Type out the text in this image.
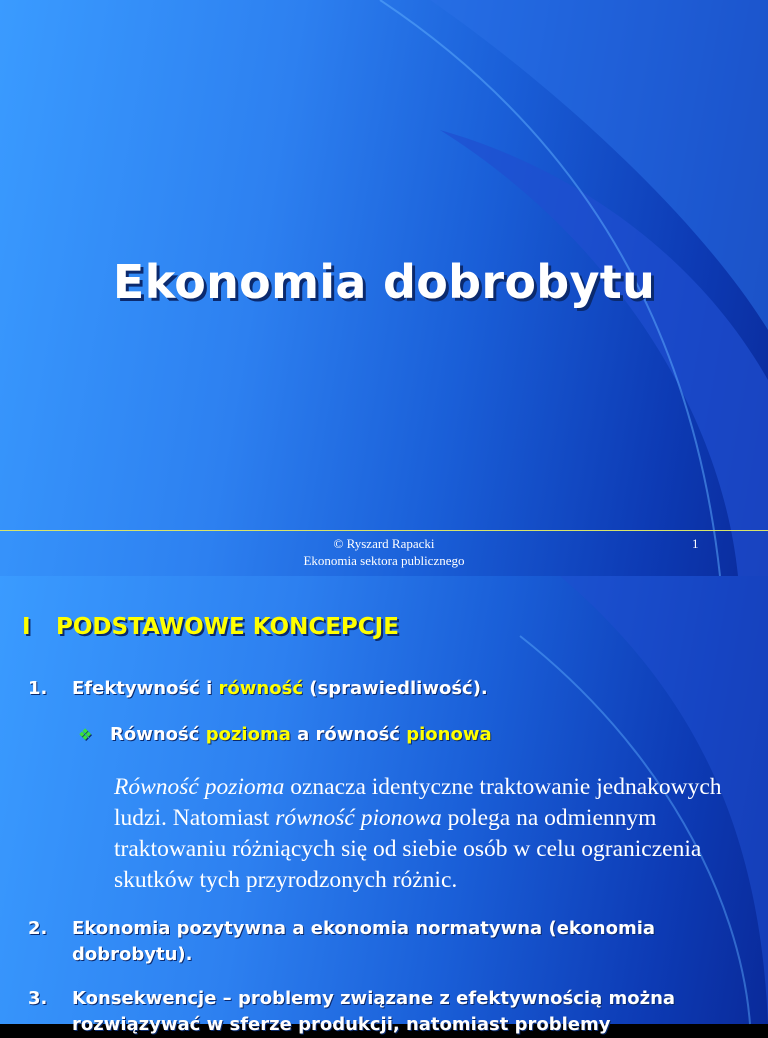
Ekonomia dobrobytu
© Ryszard Rapacki
Ekonomia sektora publicznego
1
I PODSTAWOWE KONCEPCJE
1. Efektywność i równość (sprawiedliwość).
❖ Równość pozioma a równość pionowa
Równość pozioma oznacza identyczne traktowanie jednakowych ludzi. Natomiast równość pionowa polega na odmiennym traktowaniu różniących się od siebie osób w celu ograniczenia skutków tych przyrodzonych różnic.
2. Ekonomia pozytywna a ekonomia normatywna (ekonomia dobrobytu).
3. Konsekwencje – problemy związane z efektywnością można rozwiązywać w sferze produkcji, natomiast problemy
